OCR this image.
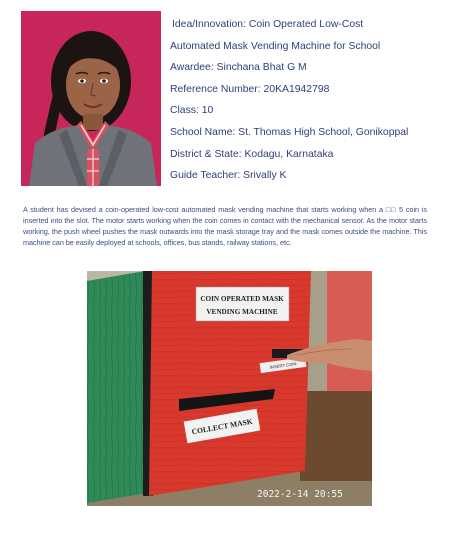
Idea/Innovation: Coin Operated Low-Cost
Automated Mask Vending Machine for School
Awardee: Sinchana Bhat G M
Reference Number: 20KA1942798
Class: 10
School Name: St. Thomas High School, Gonikoppal
District & State: Kodagu, Karnataka
Guide Teacher: Srivally K
A student has devised a coin-operated low-cost automated mask vending machine that starts working when a □□ 5 coin is inserted into the slot. The motor starts working when the coin comes in contact with the mechanical sensor. As the motor starts working, the push wheel pushes the mask outwards into the mask storage tray and the mask comes outside the machine. This machine can be easily deployed at schools, offices, bus stands, railway stations, etc.
COIN OPERATED MASK
VENDING MACHINE
INSERT COIN
COLLECT MASK
2022-2-14 20:55
